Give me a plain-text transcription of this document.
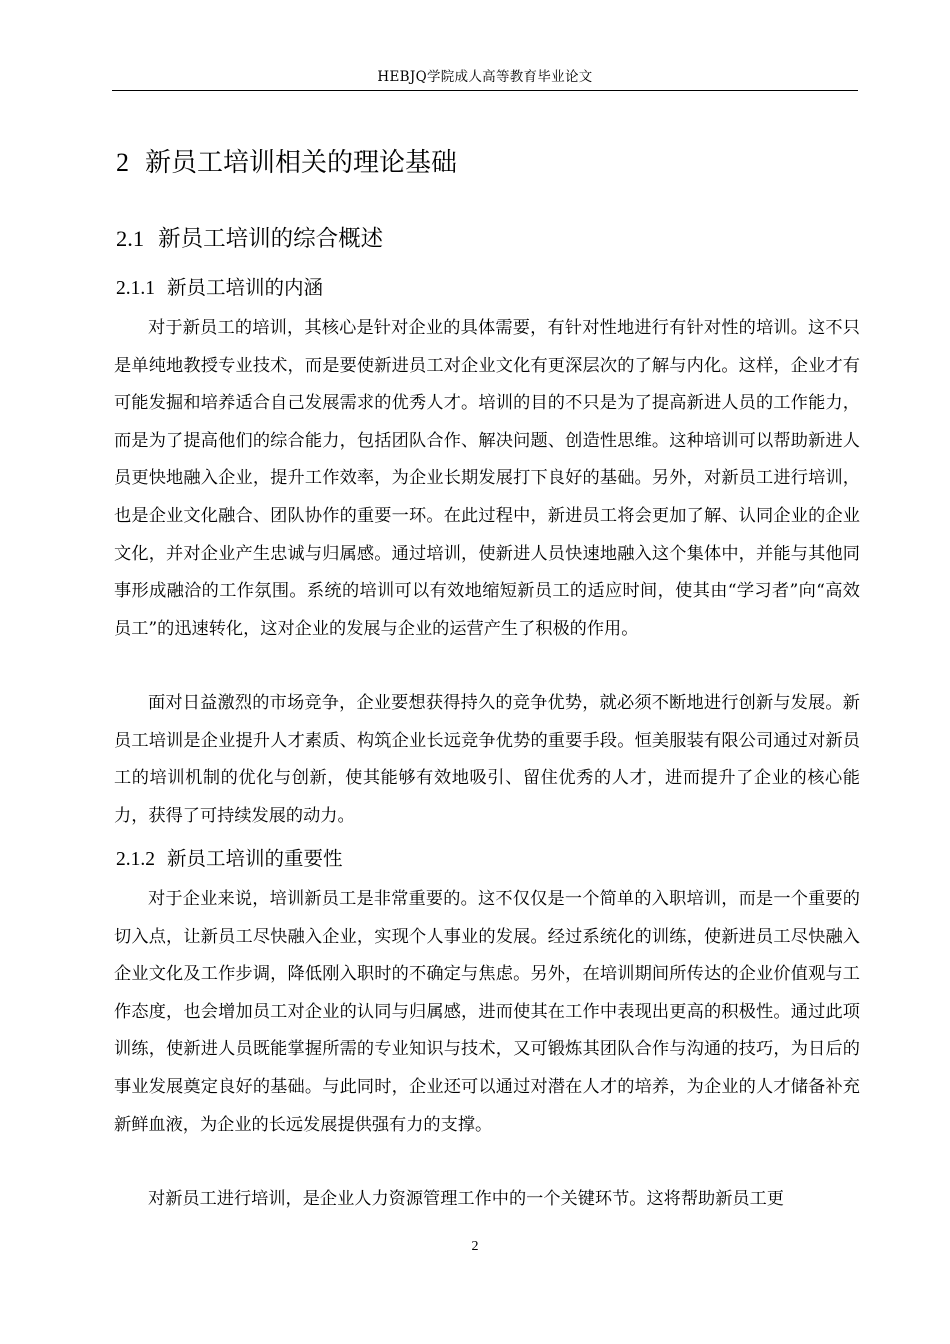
HEBJQ学院成人高等教育毕业论文
2 新员工培训相关的理论基础
2.1 新员工培训的综合概述
2.1.1 新员工培训的内涵

对于新员工的培训，其核心是针对企业的具体需要，有针对性地进行有针对性的培训。这不只是单纯地教授专业技术，而是要使新进员工对企业文化有更深层次的了解与内化。这样，企业才有可能发掘和培养适合自己发展需求的优秀人才。培训的目的不只是为了提高新进人员的工作能力，而是为了提高他们的综合能力，包括团队合作、解决问题、创造性思维。这种培训可以帮助新进人员更快地融入企业，提升工作效率，为企业长期发展打下良好的基础。另外，对新员工进行培训，也是企业文化融合、团队协作的重要一环。在此过程中，新进员工将会更加了解、认同企业的企业文化，并对企业产生忠诚与归属感。通过培训，使新进人员快速地融入这个集体中，并能与其他同事形成融洽的工作氛围。系统的培训可以有效地缩短新员工的适应时间，使其由“学习者”向“高效员工”的迅速转化，这对企业的发展与企业的运营产生了积极的作用。

面对日益激烈的市场竞争，企业要想获得持久的竞争优势，就必须不断地进行创新与发展。新员工培训是企业提升人才素质、构筑企业长远竞争优势的重要手段。恒美服装有限公司通过对新员工的培训机制的优化与创新，使其能够有效地吸引、留住优秀的人才，进而提升了企业的核心能力，获得了可持续发展的动力。

2.1.2 新员工培训的重要性

对于企业来说，培训新员工是非常重要的。这不仅仅是一个简单的入职培训，而是一个重要的切入点，让新员工尽快融入企业，实现个人事业的发展。经过系统化的训练，使新进员工尽快融入企业文化及工作步调，降低刚入职时的不确定与焦虑。另外，在培训期间所传达的企业价值观与工作态度，也会增加员工对企业的认同与归属感，进而使其在工作中表现出更高的积极性。通过此项训练，使新进人员既能掌握所需的专业知识与技术，又可锻炼其团队合作与沟通的技巧，为日后的事业发展奠定良好的基础。与此同时，企业还可以通过对潜在人才的培养，为企业的人才储备补充新鲜血液，为企业的长远发展提供强有力的支撑。

对新员工进行培训，是企业人力资源管理工作中的一个关键环节。这将帮助新员工更

2
